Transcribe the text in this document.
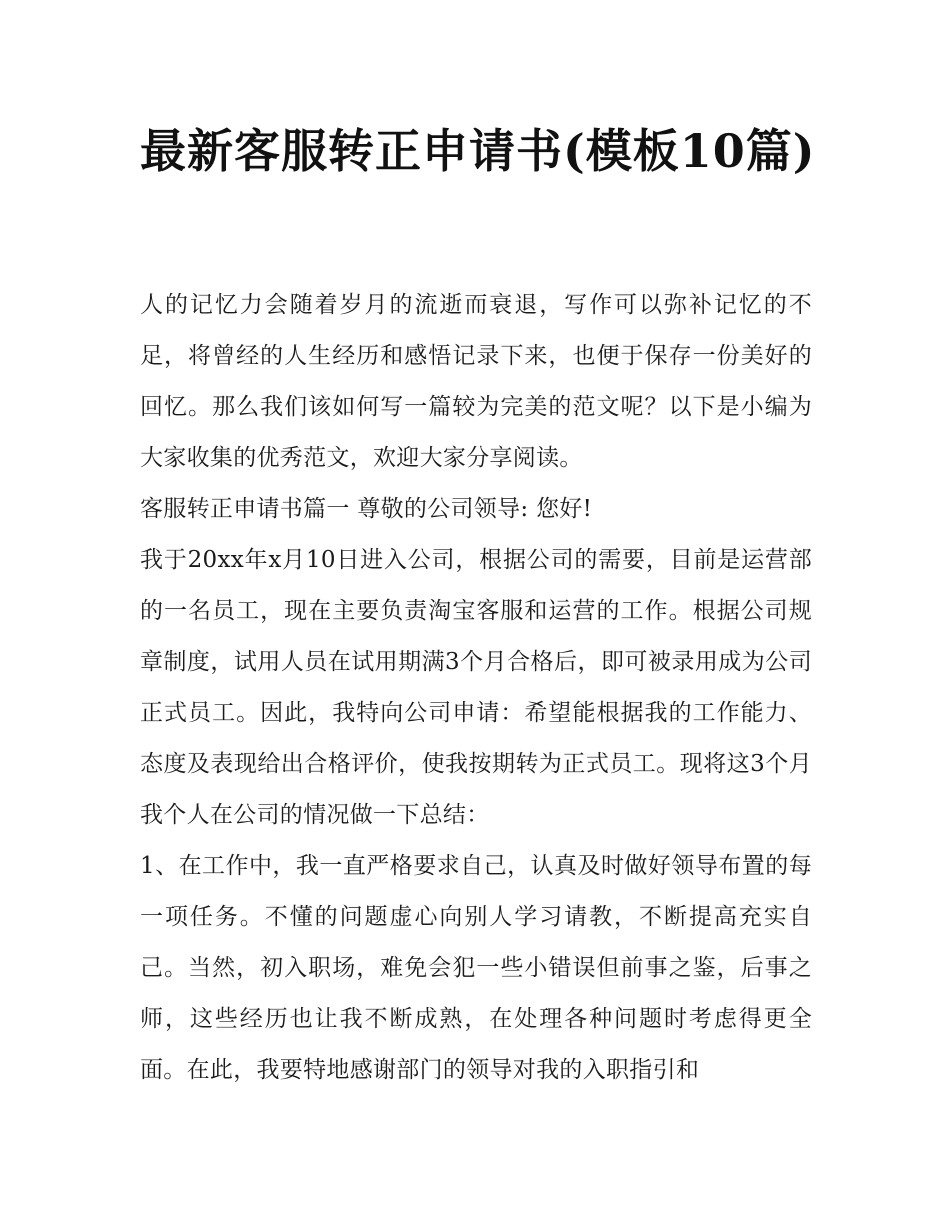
最新客服转正申请书(模板10篇)

人的记忆力会随着岁月的流逝而衰退，写作可以弥补记忆的不足，将曾经的人生经历和感悟记录下来，也便于保存一份美好的回忆。那么我们该如何写一篇较为完美的范文呢？以下是小编为大家收集的优秀范文，欢迎大家分享阅读。

客服转正申请书篇一 尊敬的公司领导: 您好!

我于20xx年x月10日进入公司，根据公司的需要，目前是运营部的一名员工，现在主要负责淘宝客服和运营的工作。根据公司规章制度，试用人员在试用期满3个月合格后，即可被录用成为公司正式员工。因此，我特向公司申请：希望能根据我的工作能力、态度及表现给出合格评价，使我按期转为正式员工。现将这3个月我个人在公司的情况做一下总结：

1、在工作中，我一直严格要求自己，认真及时做好领导布置的每一项任务。不懂的问题虚心向别人学习请教，不断提高充实自己。当然，初入职场，难免会犯一些小错误但前事之鉴，后事之师，这些经历也让我不断成熟，在处理各种问题时考虑得更全面。在此，我要特地感谢部门的领导对我的入职指引和
